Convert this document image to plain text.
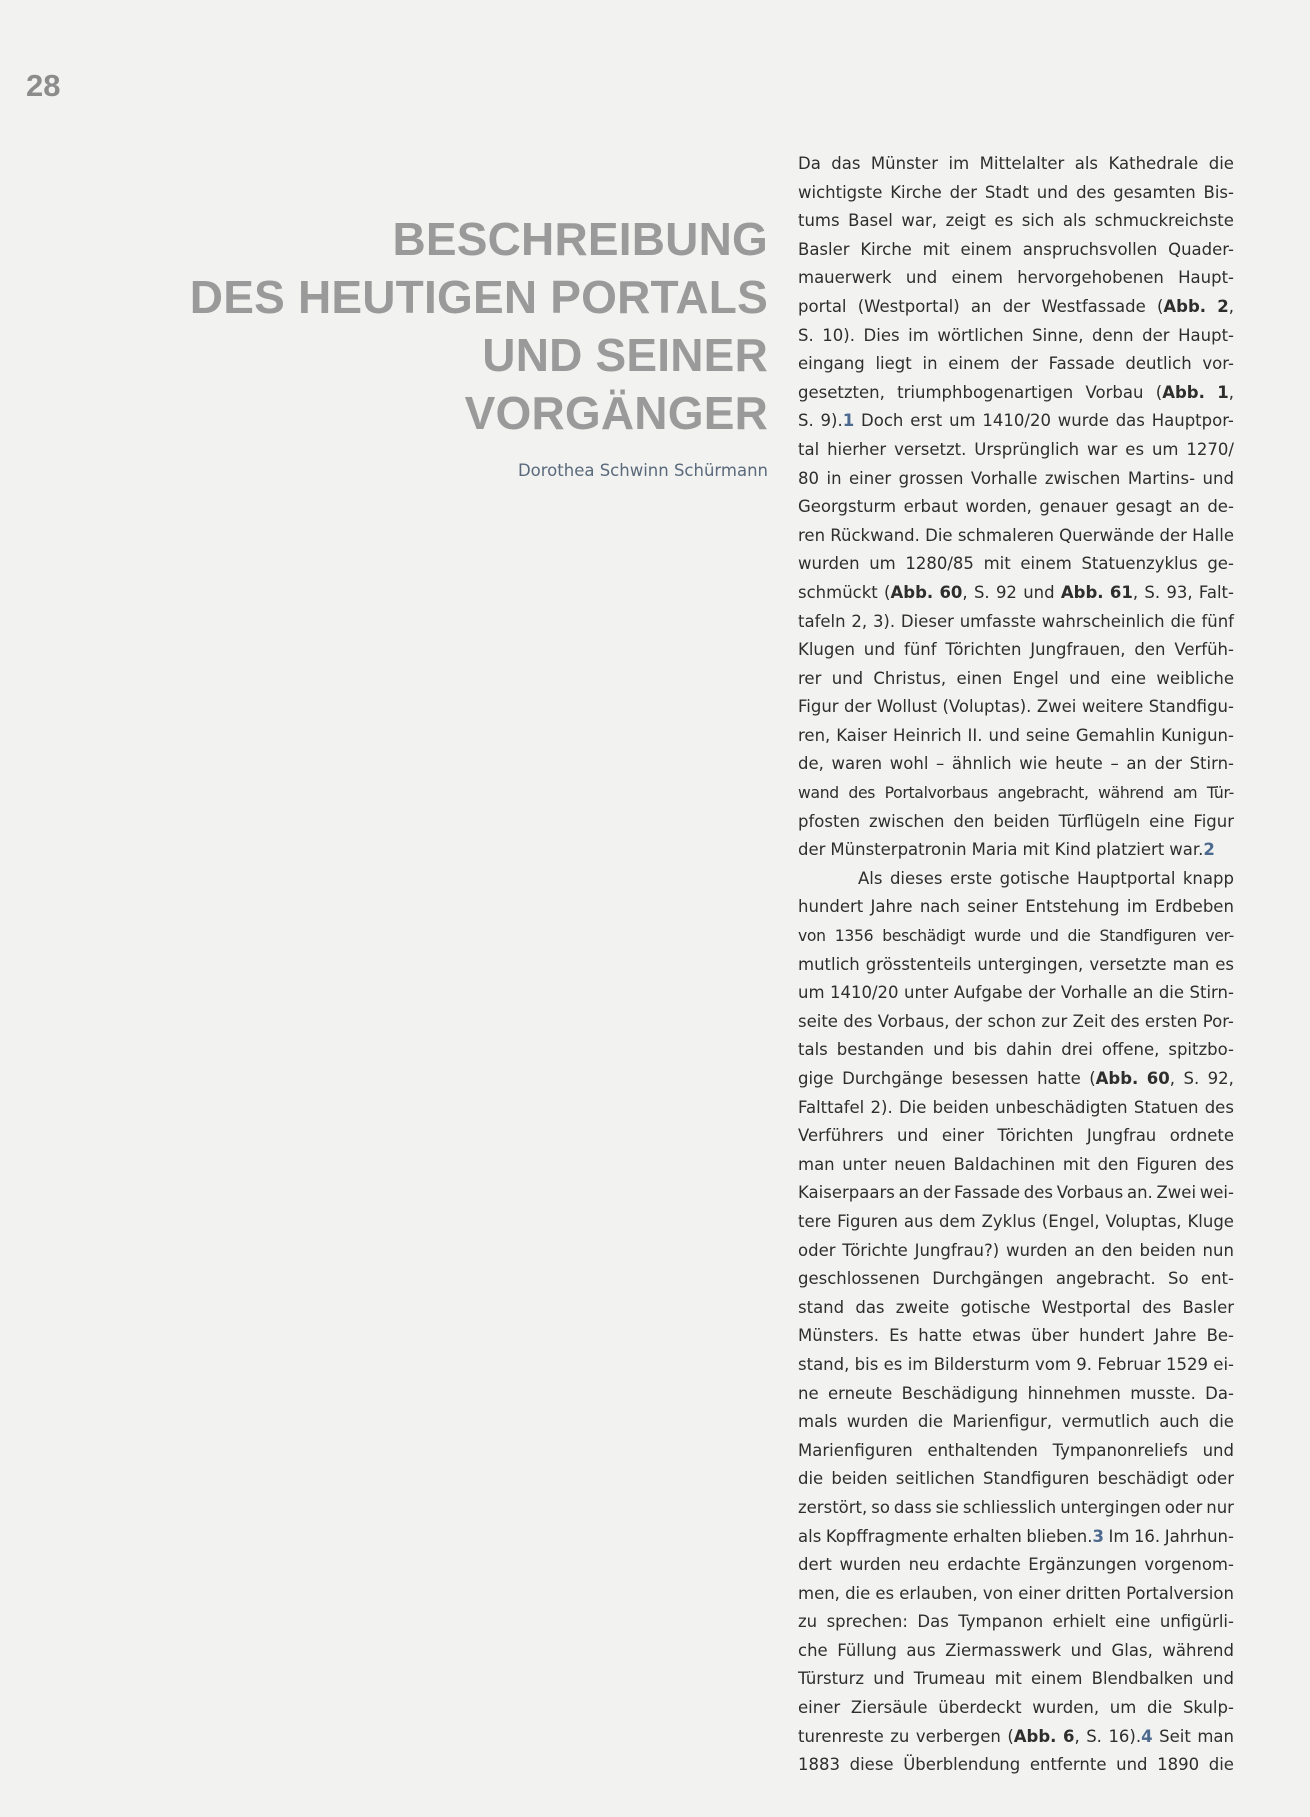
28
BESCHREIBUNG
DES HEUTIGEN PORTALS
UND SEINER
VORGÄNGER
Dorothea Schwinn Schürmann
Da das Münster im Mittelalter als Kathedrale die
wichtigste Kirche der Stadt und des gesamten Bis-
tums Basel war, zeigt es sich als schmuckreichste
Basler Kirche mit einem anspruchsvollen Quader-
mauerwerk und einem hervorgehobenen Haupt-
portal (Westportal) an der Westfassade (Abb. 2,
S. 10). Dies im wörtlichen Sinne, denn der Haupt-
eingang liegt in einem der Fassade deutlich vor-
gesetzten, triumphbogenartigen Vorbau (Abb. 1,
S. 9).1 Doch erst um 1410/20 wurde das Hauptpor-
tal hierher versetzt. Ursprünglich war es um 1270/
80 in einer grossen Vorhalle zwischen Martins- und
Georgsturm erbaut worden, genauer gesagt an de-
ren Rückwand. Die schmaleren Querwände der Halle
wurden um 1280/85 mit einem Statuenzyklus ge-
schmückt (Abb. 60, S. 92 und Abb. 61, S. 93, Falt-
tafeln 2, 3). Dieser umfasste wahrscheinlich die fünf
Klugen und fünf Törichten Jungfrauen, den Verfüh-
rer und Christus, einen Engel und eine weibliche
Figur der Wollust (Voluptas). Zwei weitere Standfigu-
ren, Kaiser Heinrich II. und seine Gemahlin Kunigun-
de, waren wohl – ähnlich wie heute – an der Stirn-
wand des Portalvorbaus angebracht, während am Tür-
pfosten zwischen den beiden Türflügeln eine Figur
der Münsterpatronin Maria mit Kind platziert war.2
Als dieses erste gotische Hauptportal knapp
hundert Jahre nach seiner Entstehung im Erdbeben
von 1356 beschädigt wurde und die Standfiguren ver-
mutlich grösstenteils untergingen, versetzte man es
um 1410/20 unter Aufgabe der Vorhalle an die Stirn-
seite des Vorbaus, der schon zur Zeit des ersten Por-
tals bestanden und bis dahin drei offene, spitzbo-
gige Durchgänge besessen hatte (Abb. 60, S. 92,
Falttafel 2). Die beiden unbeschädigten Statuen des
Verführers und einer Törichten Jungfrau ordnete
man unter neuen Baldachinen mit den Figuren des
Kaiserpaars an der Fassade des Vorbaus an. Zwei wei-
tere Figuren aus dem Zyklus (Engel, Voluptas, Kluge
oder Törichte Jungfrau?) wurden an den beiden nun
geschlossenen Durchgängen angebracht. So ent-
stand das zweite gotische Westportal des Basler
Münsters. Es hatte etwas über hundert Jahre Be-
stand, bis es im Bildersturm vom 9. Februar 1529 ei-
ne erneute Beschädigung hinnehmen musste. Da-
mals wurden die Marienfigur, vermutlich auch die
Marienfiguren enthaltenden Tympanonreliefs und
die beiden seitlichen Standfiguren beschädigt oder
zerstört, so dass sie schliesslich untergingen oder nur
als Kopffragmente erhalten blieben.3 Im 16. Jahrhun-
dert wurden neu erdachte Ergänzungen vorgenom-
men, die es erlauben, von einer dritten Portalversion
zu sprechen: Das Tympanon erhielt eine unfigürli-
che Füllung aus Ziermasswerk und Glas, während
Türsturz und Trumeau mit einem Blendbalken und
einer Ziersäule überdeckt wurden, um die Skulp-
turenreste zu verbergen (Abb. 6, S. 16).4 Seit man
1883 diese Überblendung entfernte und 1890 die
